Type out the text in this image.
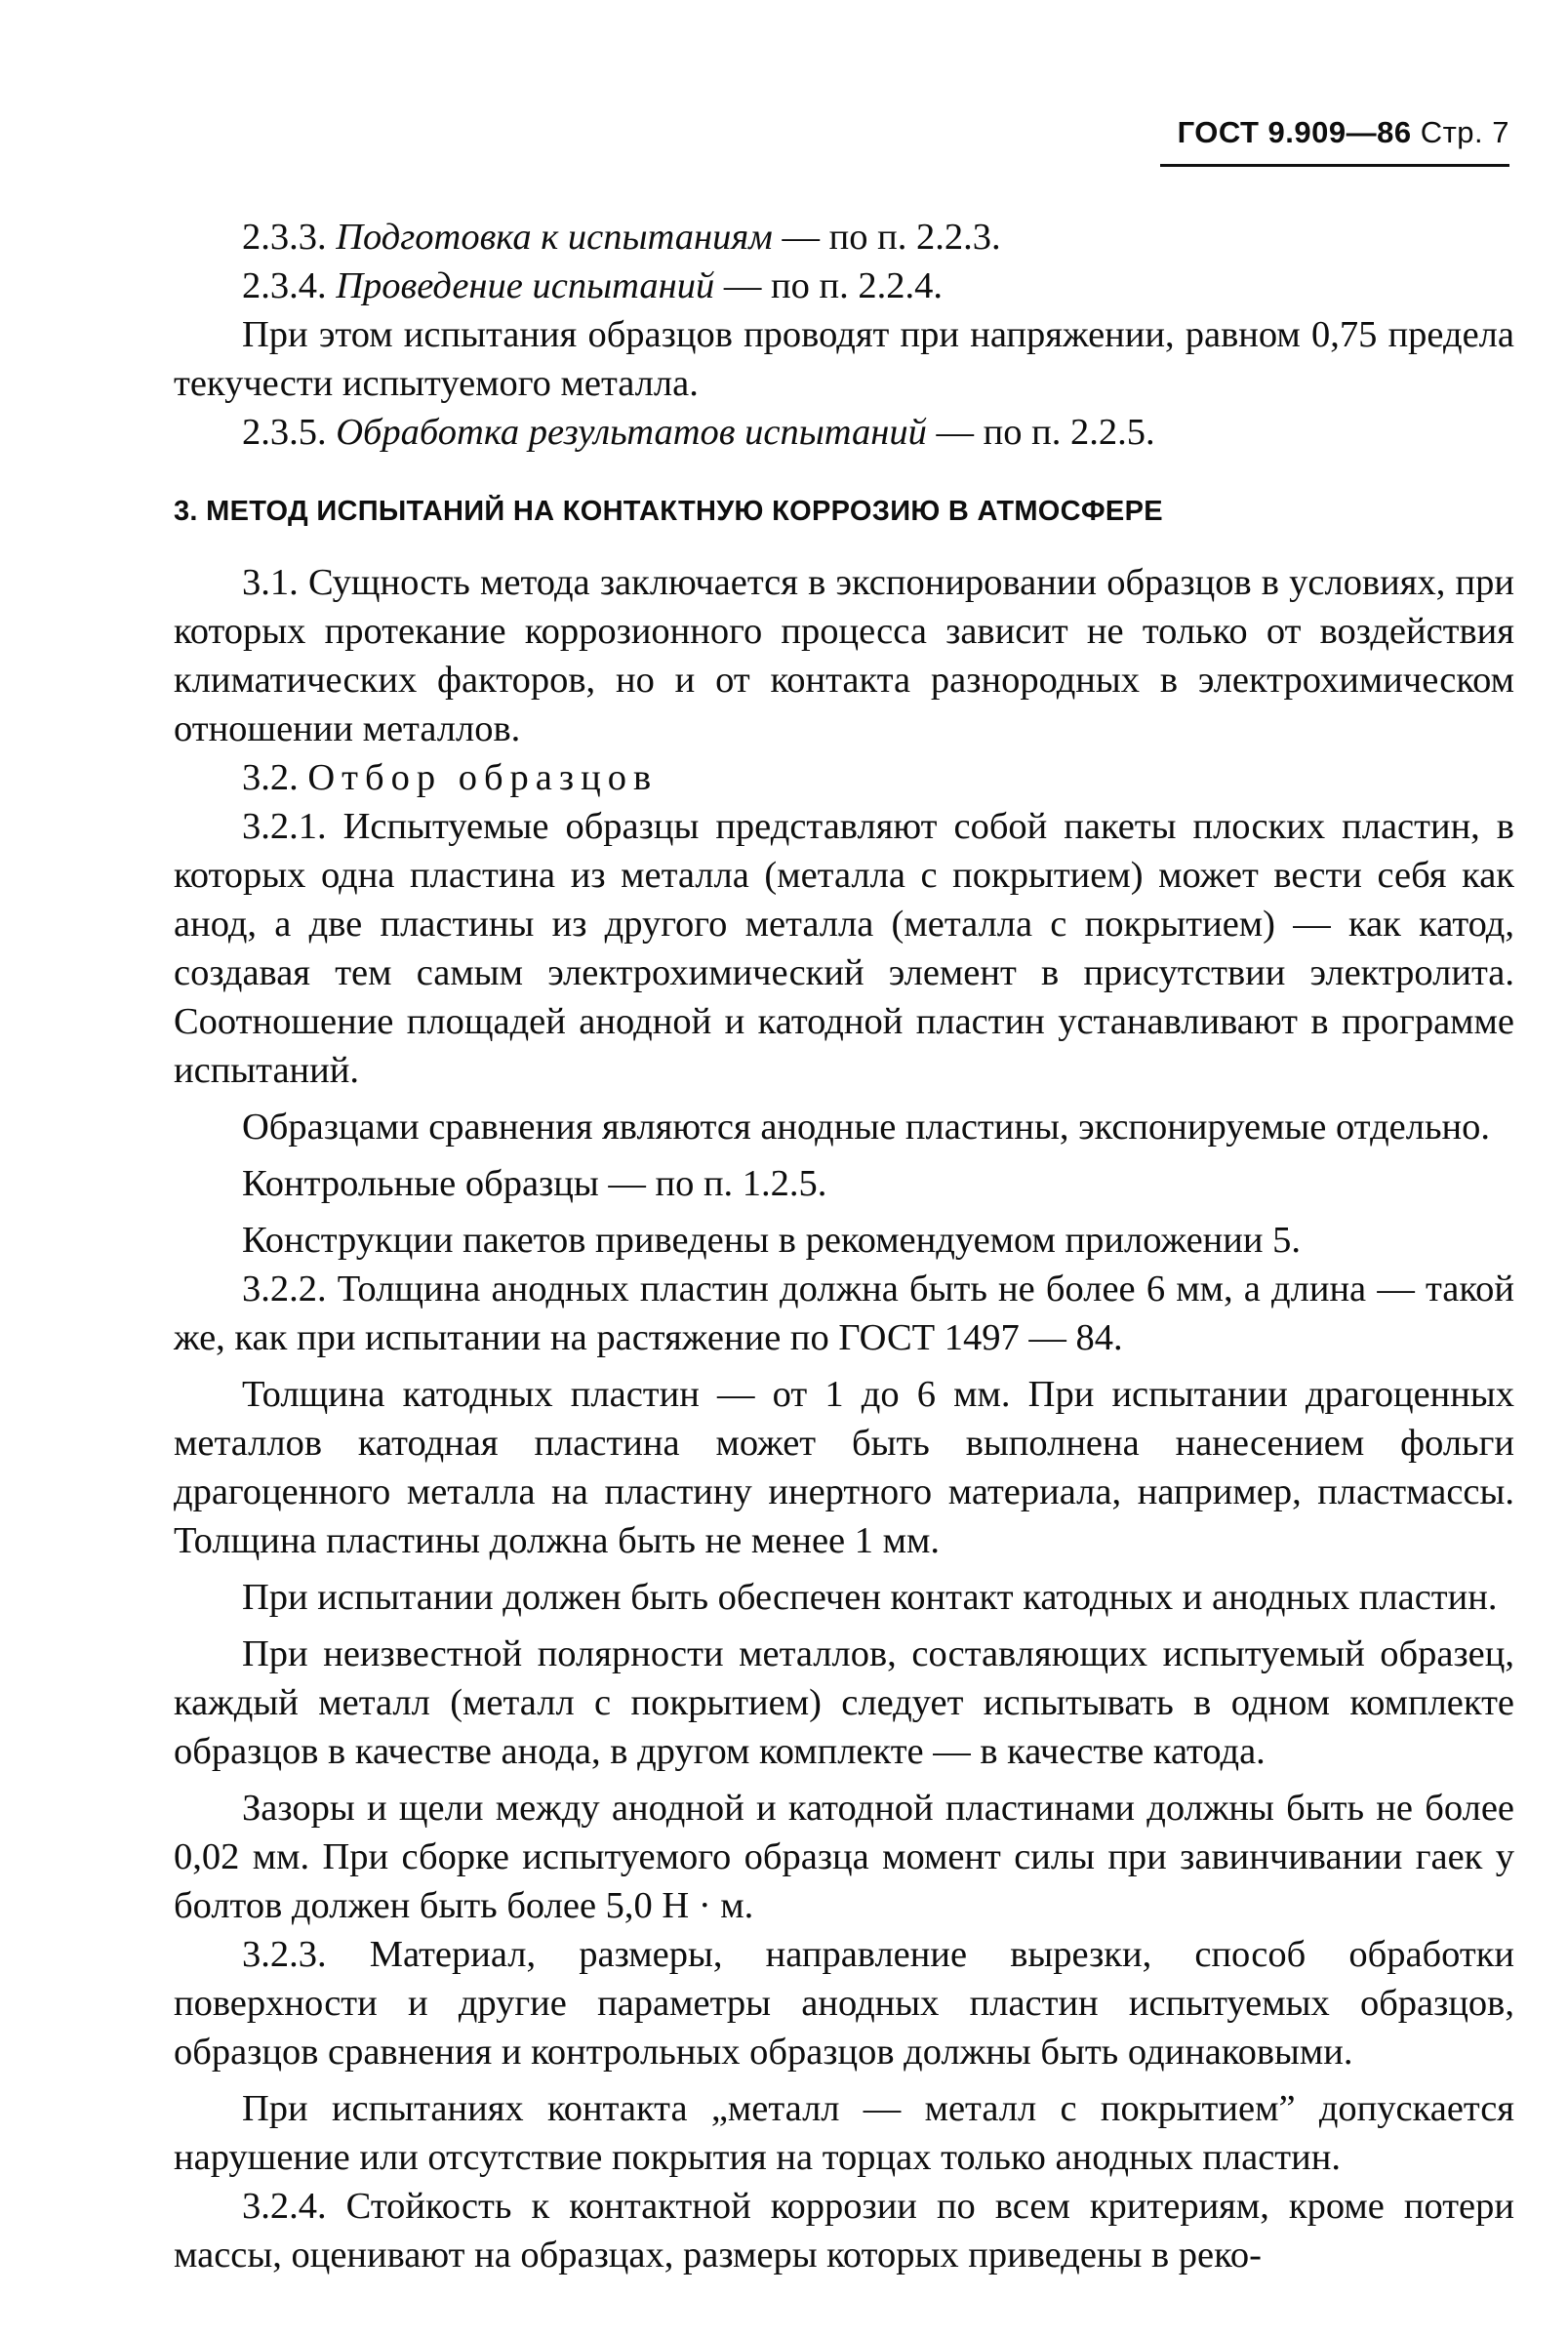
ГОСТ 9.909—86 Стр. 7

2.3.3. Подготовка к испытаниям — по п. 2.2.3.

2.3.4. Проведение испытаний — по п. 2.2.4.

При этом испытания образцов проводят при напряжении, равном 0,75 предела текучести испытуемого металла.

2.3.5. Обработка результатов испытаний — по п. 2.2.5.

3. МЕТОД ИСПЫТАНИЙ НА КОНТАКТНУЮ КОРРОЗИЮ В АТМОСФЕРЕ

3.1. Сущность метода заключается в экспонировании образцов в условиях, при которых протекание коррозионного процесса зависит не только от воздействия климатических факторов, но и от контакта разнородных в электрохимическом отношении металлов.

3.2. Отбор образцов

3.2.1. Испытуемые образцы представляют собой пакеты плоских пластин, в которых одна пластина из металла (металла с покрытием) может вести себя как анод, а две пластины из другого металла (металла с покрытием) — как катод, создавая тем самым электрохимический элемент в присутствии электролита. Соотношение площадей анодной и катодной пластин устанавливают в программе испытаний.

Образцами сравнения являются анодные пластины, экспонируемые отдельно.

Контрольные образцы — по п. 1.2.5.

Конструкции пакетов приведены в рекомендуемом приложении 5.

3.2.2. Толщина анодных пластин должна быть не более 6 мм, а длина — такой же, как при испытании на растяжение по ГОСТ 1497 — 84.

Толщина катодных пластин — от 1 до 6 мм. При испытании драгоценных металлов катодная пластина может быть выполнена нанесением фольги драгоценного металла на пластину инертного материала, например, пластмассы. Толщина пластины должна быть не менее 1 мм.

При испытании должен быть обеспечен контакт катодных и анодных пластин.

При неизвестной полярности металлов, составляющих испытуемый образец, каждый металл (металл с покрытием) следует испытывать в одном комплекте образцов в качестве анода, в другом комплекте — в качестве катода.

Зазоры и щели между анодной и катодной пластинами должны быть не более 0,02 мм. При сборке испытуемого образца момент силы при завинчивании гаек у болтов должен быть более 5,0 Н · м.

3.2.3. Материал, размеры, направление вырезки, способ обработки поверхности и другие параметры анодных пластин испытуемых образцов, образцов сравнения и контрольных образцов должны быть одинаковыми.

При испытаниях контакта „металл — металл с покрытием” допускается нарушение или отсутствие покрытия на торцах только анодных пластин.

3.2.4. Стойкость к контактной коррозии по всем критериям, кроме потери массы, оценивают на образцах, размеры которых приведены в реко-
